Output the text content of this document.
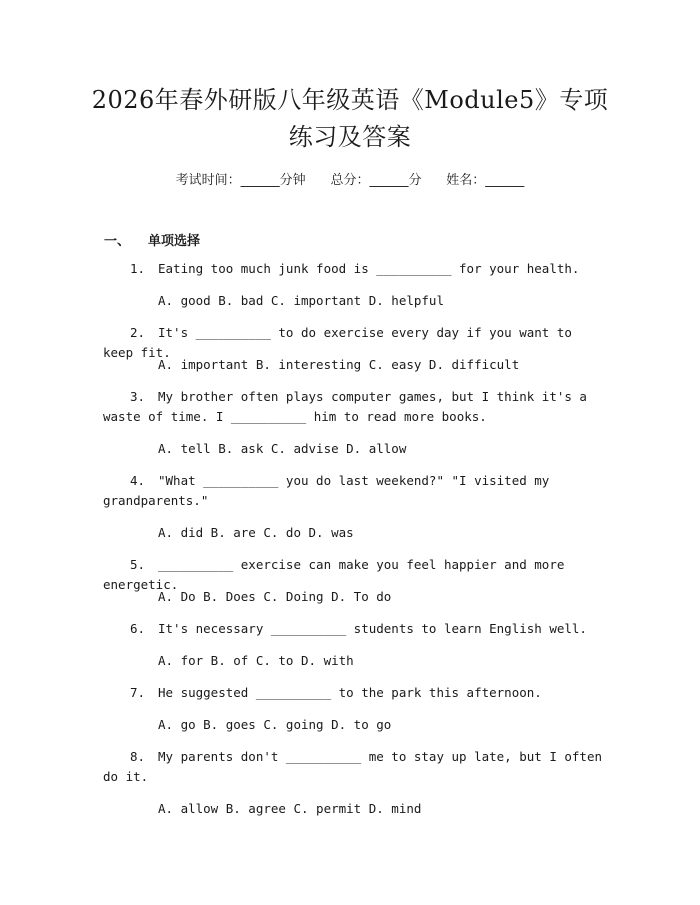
2026年春外研版八年级英语《Module5》专项练习及答案
考试时间：______分钟 总分：______分 姓名：______
一、 单项选择
1. Eating too much junk food is __________ for your health.
A. good B. bad C. important D. helpful
2. It's __________ to do exercise every day if you want to keep fit.
A. important B. interesting C. easy D. difficult
3. My brother often plays computer games, but I think it's a waste of time. I __________ him to read more books.
A. tell B. ask C. advise D. allow
4. "What __________ you do last weekend?" "I visited my grandparents."
A. did B. are C. do D. was
5. __________ exercise can make you feel happier and more energetic.
A. Do B. Does C. Doing D. To do
6. It's necessary __________ students to learn English well.
A. for B. of C. to D. with
7. He suggested __________ to the park this afternoon.
A. go B. goes C. going D. to go
8. My parents don't __________ me to stay up late, but I often do it.
A. allow B. agree C. permit D. mind
